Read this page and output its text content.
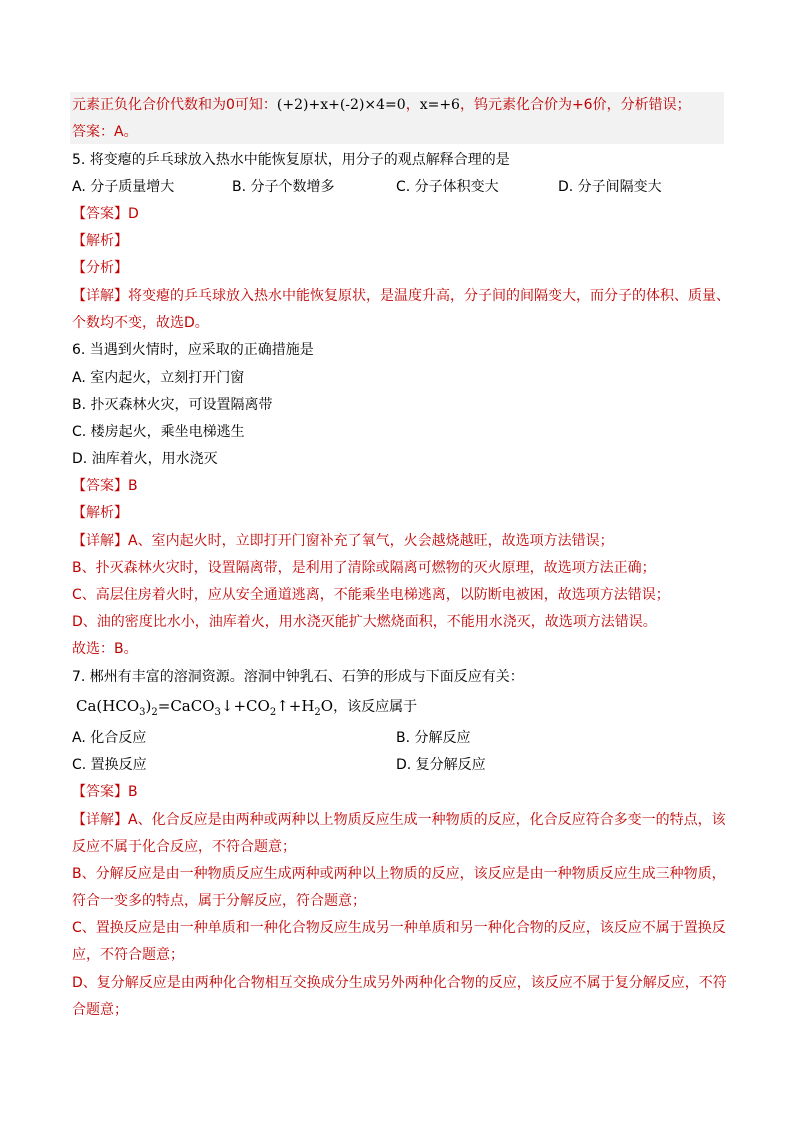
元素正负化合价代数和为0可知：(+2)+x+(-2)×4=0，x=+6，钨元素化合价为+6价，分析错误；
答案：A。
5. 将变瘪的乒乓球放入热水中能恢复原状，用分子的观点解释合理的是
A. 分子质量增大	B. 分子个数增多	C. 分子体积变大	D. 分子间隔变大
【答案】D
【解析】
【分析】
【详解】将变瘪的乒乓球放入热水中能恢复原状，是温度升高，分子间的间隔变大，而分子的体积、质量、
个数均不变，故选D。
6. 当遇到火情时，应采取的正确措施是
A. 室内起火，立刻打开门窗
B. 扑灭森林火灾，可设置隔离带
C. 楼房起火，乘坐电梯逃生
D. 油库着火，用水浇灭
【答案】B
【解析】
【详解】A、室内起火时，立即打开门窗补充了氧气，火会越烧越旺，故选项方法错误；
B、扑灭森林火灾时，设置隔离带，是利用了清除或隔离可燃物的灭火原理，故选项方法正确；
C、高层住房着火时，应从安全通道逃离，不能乘坐电梯逃离，以防断电被困，故选项方法错误；
D、油的密度比水小，油库着火，用水浇灭能扩大燃烧面积，不能用水浇灭，故选项方法错误。
故选：B。
7. 郴州有丰富的溶洞资源。溶洞中钟乳石、石笋的形成与下面反应有关：
$Ca(HCO_3)_2=CaCO_3↓+CO_2↑+H_2O$，该反应属于
A. 化合反应	B. 分解反应
C. 置换反应	D. 复分解反应
【答案】B
【详解】A、化合反应是由两种或两种以上物质反应生成一种物质的反应，化合反应符合多变一的特点，该
反应不属于化合反应，不符合题意；
B、分解反应是由一种物质反应生成两种或两种以上物质的反应，该反应是由一种物质反应生成三种物质，
符合一变多的特点，属于分解反应，符合题意；
C、置换反应是由一种单质和一种化合物反应生成另一种单质和另一种化合物的反应，该反应不属于置换反
应，不符合题意；
D、复分解反应是由两种化合物相互交换成分生成另外两种化合物的反应，该反应不属于复分解反应，不符
合题意；
